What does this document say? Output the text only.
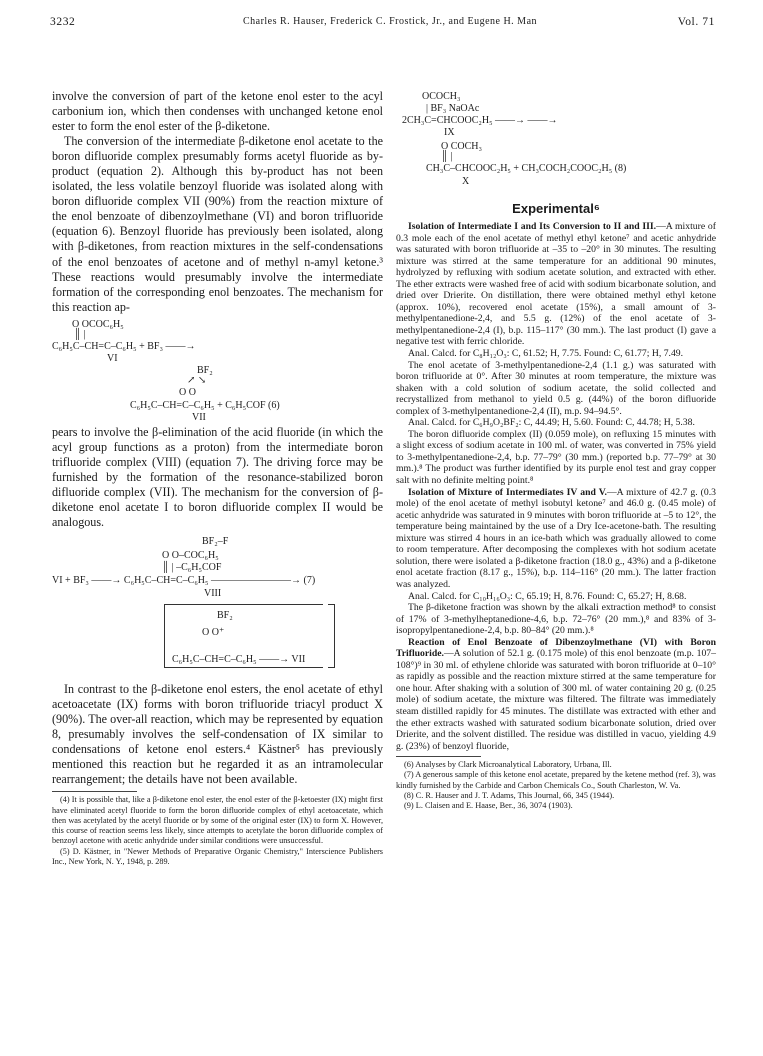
3232	Charles R. Hauser, Frederick C. Frostick, Jr., and Eugene H. Man	Vol. 71

involve the conversion of part of the ketone enol ester to the acyl carbonium ion, which then condenses with unchanged ketone enol ester to form the enol ester of the β-diketone.

The conversion of the intermediate β-diketone enol acetate to the boron difluoride complex presumably forms acetyl fluoride as by-product (equation 2). Although this by-product has not been isolated, the less volatile benzoyl fluoride was isolated along with boron difluoride complex VII (90%) from the reaction mixture of the enol benzoate of dibenzoylmethane (VI) and boron trifluoride (equation 6). Benzoyl fluoride has previously been isolated, along with β-diketones, from reaction mixtures in the self-condensations of the enol benzoates of acetone and of methyl n-amyl ketone.³ These reactions would presumably involve the intermediate formation of the corresponding enol benzoates. The mechanism for this reaction ap-

O OCOC₆H₅
║ |
C₆H₅C–CH=C–C₆H₅ + BF₃ ——→
VI
BF₂
↗ ↘
O O
C₆H₅C–CH=C–C₆H₅ + C₆H₅COF (6)
VII

pears to involve the β-elimination of the acid fluoride (in which the acyl group functions as a proton) from the intermediate boron trifluoride complex (VIII) (equation 7). The driving force may be furnished by the formation of the resonance-stabilized boron difluoride complex (VII). The mechanism for the conversion of β-diketone enol acetate I to boron difluoride complex II would be analogous.

BF₂–F
O O–COC₆H₅
║ | –C₆H₅COF
VI + BF₃ ——→ C₆H₅C–CH=C–C₆H₅ ————————→ (7)
VIII
BF₂
O O⁺
C₆H₅C–CH=C–C₆H₅ ——→ VII

In contrast to the β-diketone enol esters, the enol acetate of ethyl acetoacetate (IX) forms with boron trifluoride triacyl product X (90%). The over-all reaction, which may be represented by equation 8, presumably involves the self-condensation of IX similar to condensations of ketone enol esters.⁴ Kästner⁵ has previously mentioned this reaction but he regarded it as an intramolecular rearrangement; the details have not been available.

(4) It is possible that, like a β-diketone enol ester, the enol ester of the β-ketoester (IX) might first have eliminated acetyl fluoride to form the boron difluoride complex of ethyl acetoacetate, which then was acetylated by the acetyl fluoride or by some of the original ester (IX) to form X. However, this course of reaction seems less likely, since attempts to acetylate the boron difluoride complex of benzoyl acetone with acetic anhydride under similar conditions were unsuccessful.

(5) D. Kästner, in "Newer Methods of Preparative Organic Chemistry," Interscience Publishers Inc., New York, N. Y., 1948, p. 289.

OCOCH₃
| BF₃ NaOAc
2CH₃C=CHCOOC₂H₅ ——→ ——→
IX
O COCH₃
║ |
CH₃C–CHCOOC₂H₅ + CH₃COCH₂COOC₂H₅ (8)
X
Experimental⁶

Isolation of Intermediate I and Its Conversion to II and III.—A mixture of 0.3 mole each of the enol acetate of methyl ethyl ketone⁷ and acetic anhydride was saturated with boron trifluoride at –35 to –20° in 30 minutes. The resulting mixture was stirred at the same temperature for an additional 90 minutes, hydrolyzed by refluxing with sodium acetate solution, and extracted with ether. The ether extracts were washed free of acid with sodium bicarbonate solution, and dried over Drierite. On distillation, there were obtained methyl ethyl ketone (approx. 10%), recovered enol acetate (15%), a small amount of 3-methylpentanedione-2,4, and 5.5 g. (12%) of the enol acetate of 3-methylpentanedione-2,4 (I), b.p. 115–117° (30 mm.). The last product (I) gave a negative test with ferric chloride.

Anal. Calcd. for C₈H₁₂O₃: C, 61.52; H, 7.75. Found: C, 61.77; H, 7.49.

The enol acetate of 3-methylpentanedione-2,4 (1.1 g.) was saturated with boron trifluoride at 0°. After 30 minutes at room temperature, the mixture was shaken with a cold solution of sodium acetate, the solid collected and recrystallized from methanol to yield 0.5 g. (44%) of the boron difluoride complex of 3-methylpentanedione-2,4 (II), m.p. 94–94.5°.

Anal. Calcd. for C₆H₉O₂BF₂: C, 44.49; H, 5.60. Found: C, 44.78; H, 5.38.

The boron difluoride complex (II) (0.059 mole), on refluxing 15 minutes with a slight excess of sodium acetate in 100 ml. of water, was converted in 75% yield to 3-methylpentanedione-2,4, b.p. 77–79° (30 mm.) (reported b.p. 77–79° at 30 mm.).⁸ The product was further identified by its purple enol test and gray copper salt with no definite melting point.⁸

Isolation of Mixture of Intermediates IV and V.—A mixture of 42.7 g. (0.3 mole) of the enol acetate of methyl isobutyl ketone⁷ and 46.0 g. (0.45 mole) of acetic anhydride was saturated in 9 minutes with boron trifluoride at –5 to 12°, the temperature being maintained by the use of a Dry Ice-acetone-bath. The resulting mixture was stirred 4 hours in an ice-bath which was gradually allowed to come to room temperature. After decomposing the complexes with hot sodium acetate solution, there were isolated a β-diketone fraction (18.0 g., 43%) and a β-diketone enol acetate fraction (8.17 g., 15%), b.p. 114–116° (20 mm.). The latter fraction was analyzed.

Anal. Calcd. for C₁₀H₁₆O₃: C, 65.19; H, 8.76. Found: C, 65.27; H, 8.68.

The β-diketone fraction was shown by the alkali extraction method⁸ to consist of 17% of 3-methylheptanedione-4,6, b.p. 72–76° (20 mm.),⁸ and 83% of 3-isopropylpentanedione-2,4, b.p. 80–84° (20 mm.).⁸

Reaction of Enol Benzoate of Dibenzoylmethane (VI) with Boron Trifluoride.—A solution of 52.1 g. (0.175 mole) of this enol benzoate (m.p. 107–108°)⁹ in 30 ml. of ethylene chloride was saturated with boron trifluoride at 0–10° as rapidly as possible and the reaction mixture stirred at the same temperature for one hour. After shaking with a solution of 300 ml. of water containing 20 g. (0.25 mole) of sodium acetate, the mixture was filtered. The filtrate was immediately steam distilled rapidly for 45 minutes. The distillate was extracted with ether and the ether extracts washed with saturated sodium bicarbonate solution, dried over Drierite, and the solvent distilled. The residue was distilled in vacuo, yielding 4.9 g. (23%) of benzoyl fluoride,

(6) Analyses by Clark Microanalytical Laboratory, Urbana, Ill.

(7) A generous sample of this ketone enol acetate, prepared by the ketene method (ref. 3), was kindly furnished by the Carbide and Carbon Chemicals Co., South Charleston, W. Va.

(8) C. R. Hauser and J. T. Adams, This Journal, 66, 345 (1944).

(9) L. Claisen and E. Haase, Ber., 36, 3074 (1903).
